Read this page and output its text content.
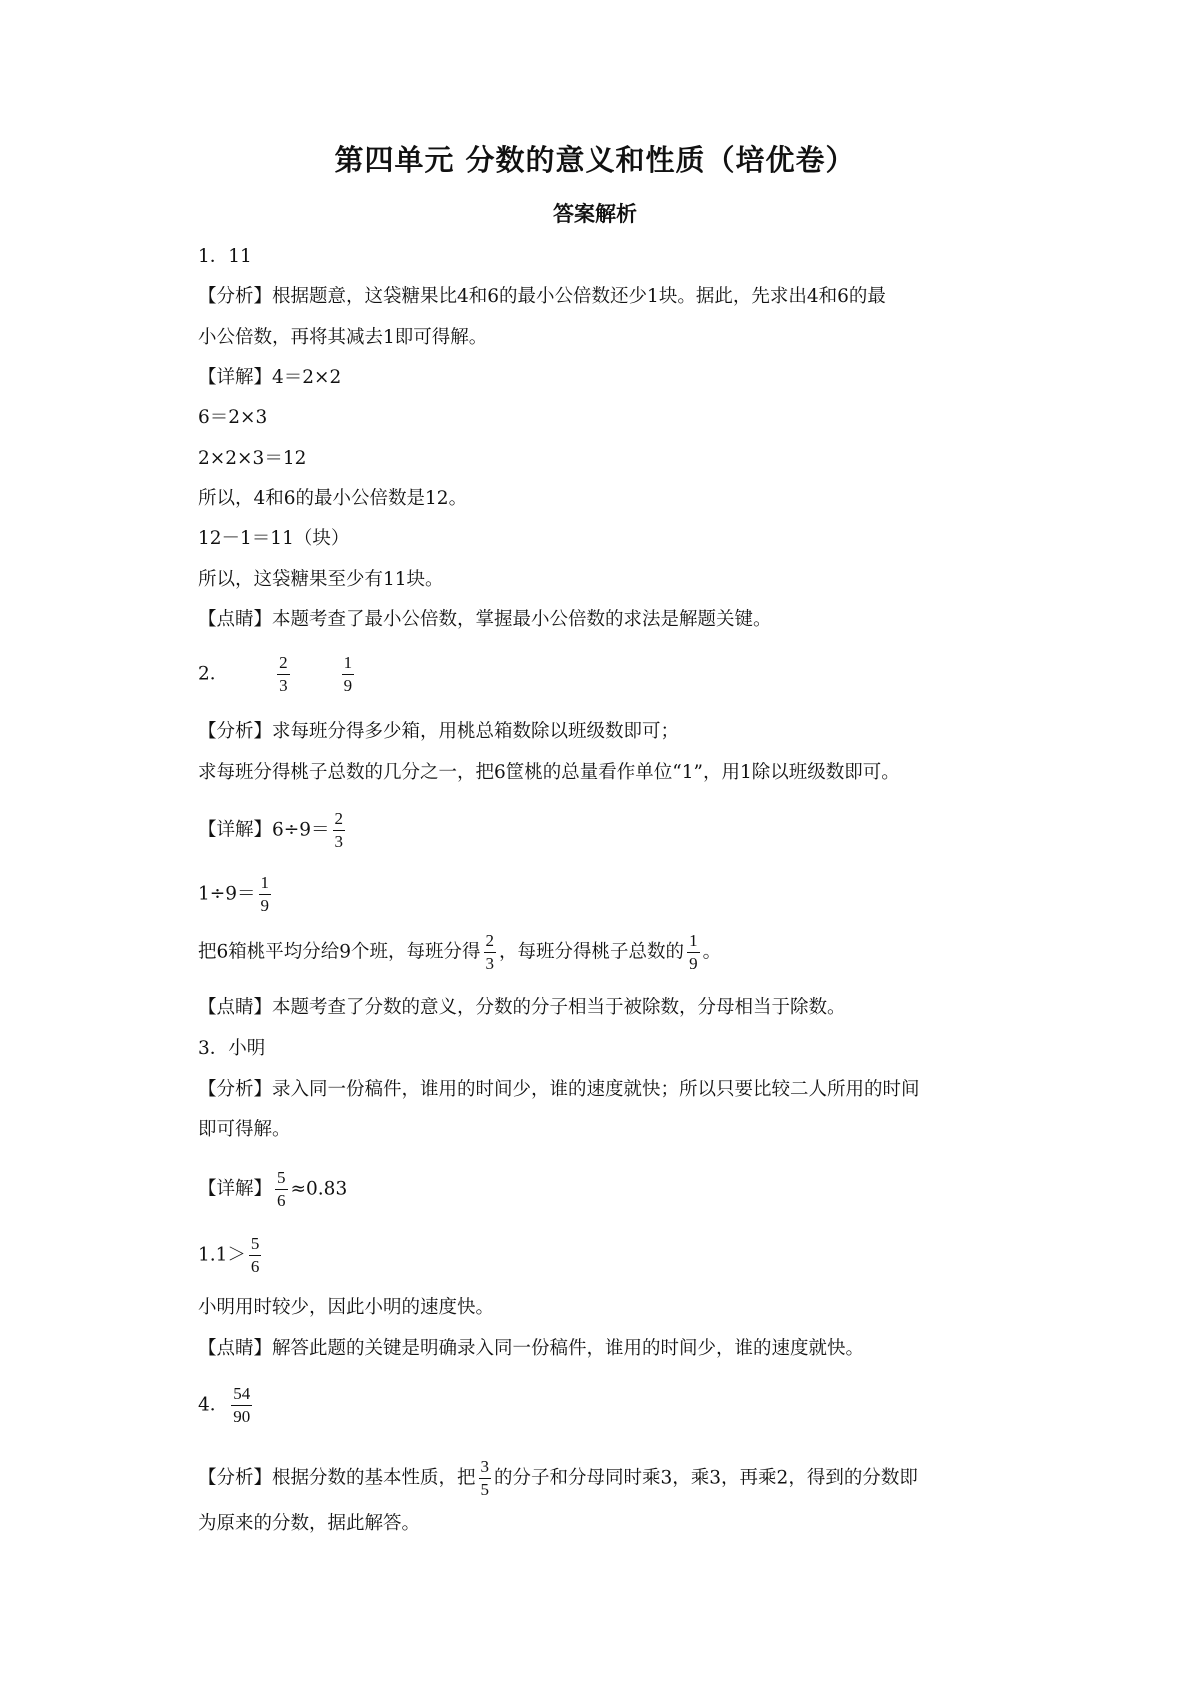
第四单元 分数的意义和性质（培优卷）
答案解析
1．11
【分析】根据题意，这袋糖果比4和6的最小公倍数还少1块。据此，先求出4和6的最
小公倍数，再将其减去1即可得解。
【详解】4＝2×2
6＝2×3
2×2×3＝12
所以，4和6的最小公倍数是12。
12－1＝11（块）
所以，这袋糖果至少有11块。
【点睛】本题考查了最小公倍数，掌握最小公倍数的求法是解题关键。
2．	$\frac{2}{3}$
	$\frac{1}{9}$
【分析】求每班分得多少箱，用桃总箱数除以班级数即可；
求每班分得桃子总数的几分之一，把6筐桃的总量看作单位“1”，用1除以班级数即可。
【详解】$6\div 9= \frac{2}{3}$
$1\div 9= \frac{1}{9}$
把6箱桃平均分给9个班，每班分得 $\frac{2}{3}$ ，每班分得桃子总数的 $\frac{1}{9}$ 。
【点睛】本题考查了分数的意义，分数的分子相当于被除数，分母相当于除数。
3．小明
【分析】录入同一份稿件，谁用的时间少，谁的速度就快；所以只要比较二人所用的时间
即可得解。
【详解】 $\frac{5}{6} \approx 0.83$
$1.1> \frac{5}{6}$
小明用时较少，因此小明的速度快。
【点睛】解答此题的关键是明确录入同一份稿件，谁用的时间少，谁的速度就快。
4． $\frac{54}{90}$
【分析】根据分数的基本性质，把 $\frac{3}{5}$ 的分子和分母同时乘3，乘3，再乘2，得到的分数即
为原来的分数，据此解答。
